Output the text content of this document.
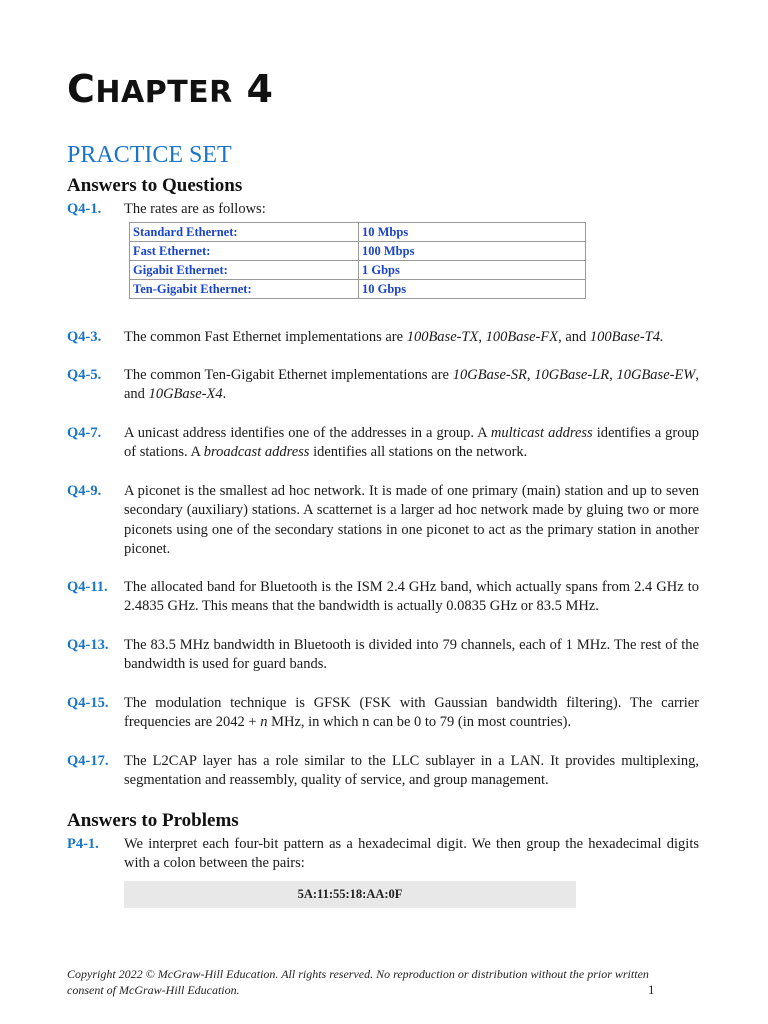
CHAPTER 4
PRACTICE SET
Answers to Questions
Q4-1. The rates are as follows:
Standard Ethernet:	10 Mbps
Fast Ethernet:	100 Mbps
Gigabit Ethernet:	1 Gbps
Ten-Gigabit Ethernet:	10 Gbps
Q4-3. The common Fast Ethernet implementations are 100Base-TX, 100Base-FX, and 100Base-T4.
Q4-5. The common Ten-Gigabit Ethernet implementations are 10GBase-SR, 10GBase-LR, 10GBase-EW, and 10GBase-X4.
Q4-7. A unicast address identifies one of the addresses in a group. A multicast address identifies a group of stations. A broadcast address identifies all stations on the network.
Q4-9. A piconet is the smallest ad hoc network. It is made of one primary (main) station and up to seven secondary (auxiliary) stations. A scatternet is a larger ad hoc network made by gluing two or more piconets using one of the secondary stations in one piconet to act as the primary station in another piconet.
Q4-11. The allocated band for Bluetooth is the ISM 2.4 GHz band, which actually spans from 2.4 GHz to 2.4835 GHz. This means that the bandwidth is actually 0.0835 GHz or 83.5 MHz.
Q4-13. The 83.5 MHz bandwidth in Bluetooth is divided into 79 channels, each of 1 MHz. The rest of the bandwidth is used for guard bands.
Q4-15. The modulation technique is GFSK (FSK with Gaussian bandwidth filtering). The carrier frequencies are 2042 + n MHz, in which n can be 0 to 79 (in most countries).
Q4-17. The L2CAP layer has a role similar to the LLC sublayer in a LAN. It provides multiplexing, segmentation and reassembly, quality of service, and group management.
Answers to Problems
P4-1. We interpret each four-bit pattern as a hexadecimal digit. We then group the hexadecimal digits with a colon between the pairs:
5A:11:55:18:AA:0F
Copyright 2022 © McGraw-Hill Education. All rights reserved. No reproduction or distribution without the prior written consent of McGraw-Hill Education.	1
